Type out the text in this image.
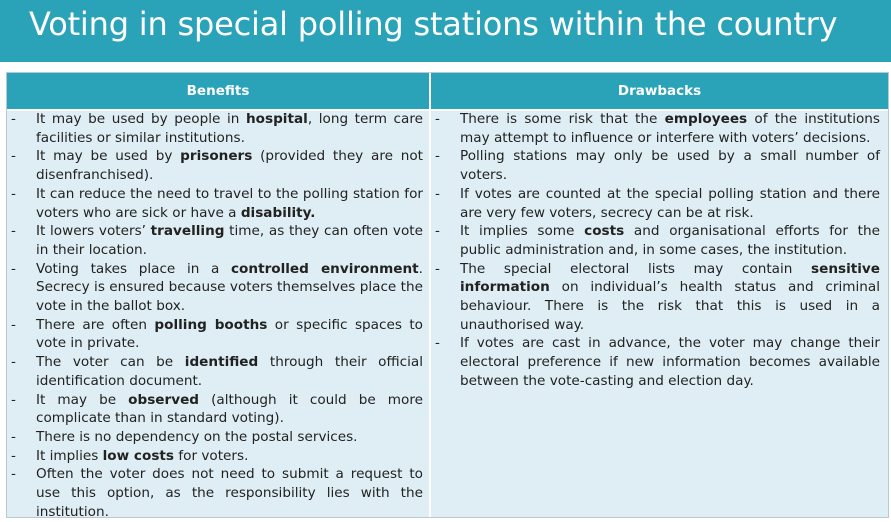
Voting in special polling stations within the country
Benefits
- It may be used by people in hospital, long term care facilities or similar institutions.
- It may be used by prisoners (provided they are not disenfranchised).
- It can reduce the need to travel to the polling station for voters who are sick or have a disability.
- It lowers voters’ travelling time, as they can often vote in their location.
- Voting takes place in a controlled environment. Secrecy is ensured because voters themselves place the vote in the ballot box.
- There are often polling booths or specific spaces to vote in private.
- The voter can be identified through their official identification document.
- It may be observed (although it could be more complicate than in standard voting).
- There is no dependency on the postal services.
- It implies low costs for voters.
- Often the voter does not need to submit a request to use this option, as the responsibility lies with the institution.
Drawbacks
- There is some risk that the employees of the institutions may attempt to influence or interfere with voters’ decisions.
- Polling stations may only be used by a small number of voters.
- If votes are counted at the special polling station and there are very few voters, secrecy can be at risk.
- It implies some costs and organisational efforts for the public administration and, in some cases, the institution.
- The special electoral lists may contain sensitive information on individual’s health status and criminal behaviour. There is the risk that this is used in a unauthorised way.
- If votes are cast in advance, the voter may change their electoral preference if new information becomes available between the vote-casting and election day.
